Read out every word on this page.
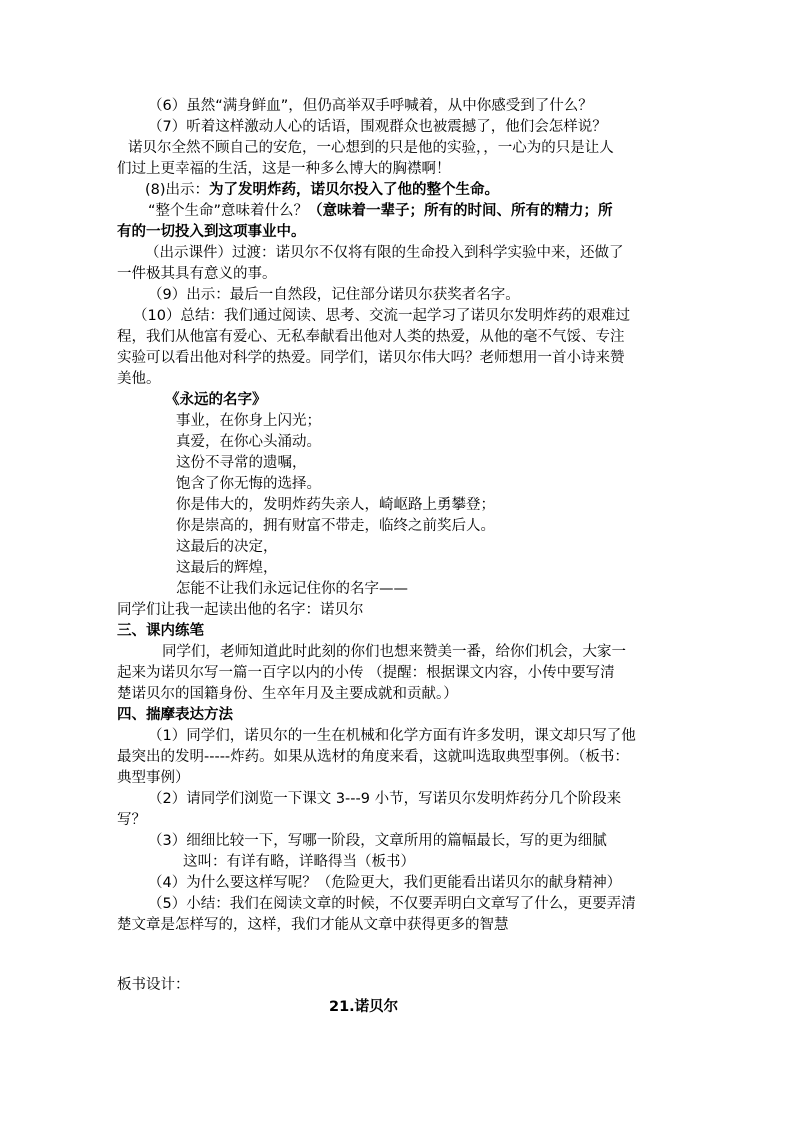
（6）虽然“满身鲜血”，但仍高举双手呼喊着，从中你感受到了什么？
（7）听着这样激动人心的话语，围观群众也被震撼了，他们会怎样说？
诺贝尔全然不顾自己的安危，一心想到的只是他的实验，，一心为的只是让人
们过上更幸福的生活，这是一种多么博大的胸襟啊！
(8)出示：为了发明炸药，诺贝尔投入了他的整个生命。
“整个生命”意味着什么？（意味着一辈子；所有的时间、所有的精力；所
有的一切投入到这项事业中。
（出示课件）过渡：诺贝尔不仅将有限的生命投入到科学实验中来，还做了
一件极其具有意义的事。
（9）出示：最后一自然段，记住部分诺贝尔获奖者名字。
（10）总结：我们通过阅读、思考、交流一起学习了诺贝尔发明炸药的艰难过
程，我们从他富有爱心、无私奉献看出他对人类的热爱，从他的毫不气馁、专注
实验可以看出他对科学的热爱。同学们，诺贝尔伟大吗？老师想用一首小诗来赞
美他。
《永远的名字》
事业，在你身上闪光；
真爱，在你心头涌动。
这份不寻常的遗嘱，
饱含了你无悔的选择。
你是伟大的，发明炸药失亲人，崎岖路上勇攀登；
你是崇高的，拥有财富不带走，临终之前奖后人。
这最后的决定，
这最后的辉煌，
怎能不让我们永远记住你的名字——
同学们让我一起读出他的名字：诺贝尔
三、课内练笔
同学们，老师知道此时此刻的你们也想来赞美一番，给你们机会，大家一
起来为诺贝尔写一篇一百字以内的小传 （提醒：根据课文内容，小传中要写清
楚诺贝尔的国籍身份、生卒年月及主要成就和贡献。）
四、揣摩表达方法
（1）同学们，诺贝尔的一生在机械和化学方面有许多发明，课文却只写了他
最突出的发明-----炸药。如果从选材的角度来看，这就叫选取典型事例。（板书：
典型事例）
（2）请同学们浏览一下课文 3---9 小节，写诺贝尔发明炸药分几个阶段来
写？
（3）细细比较一下，写哪一阶段，文章所用的篇幅最长，写的更为细腻
这叫：有详有略，详略得当（板书）
（4）为什么要这样写呢？（危险更大，我们更能看出诺贝尔的献身精神）
（5）小结：我们在阅读文章的时候，不仅要弄明白文章写了什么，更要弄清
楚文章是怎样写的，这样，我们才能从文章中获得更多的智慧
板书设计：
21.诺贝尔
